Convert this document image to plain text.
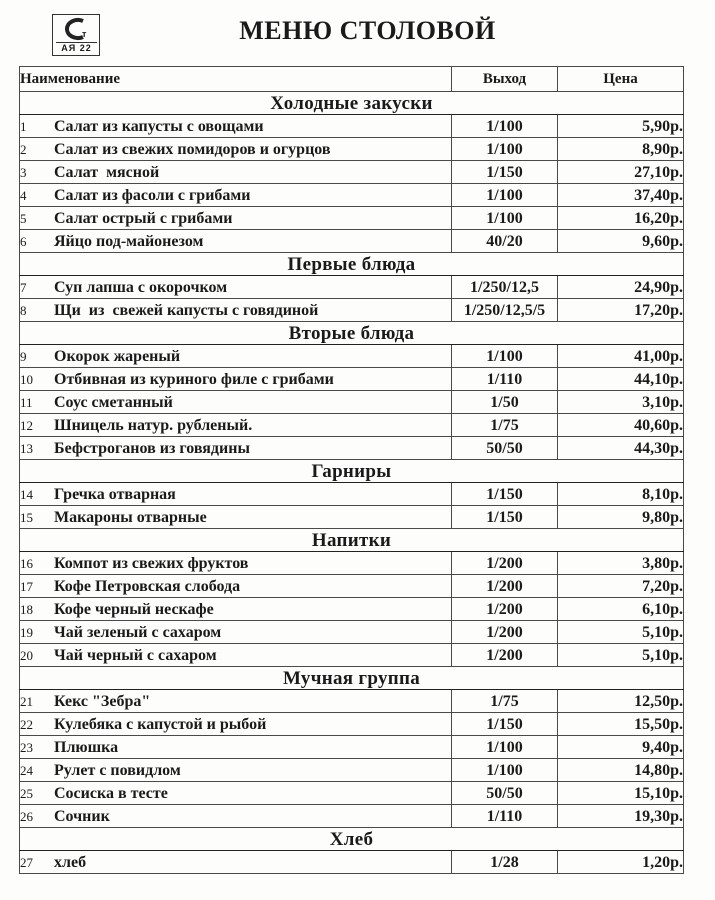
т
АЯ 22
МЕНЮ СТОЛОВОЙ
Наименование	Выход	Цена
Холодные закуски		
1 Салат из капусты с овощами	1/100	5,90р.
2 Салат из свежих помидоров и огурцов	1/100	8,90р.
3 Салат  мясной	1/150	27,10р.
4 Салат из фасоли с грибами	1/100	37,40р.
5 Салат острый с грибами	1/100	16,20р.
6 Яйцо под-майонезом	40/20	9,60р.
Первые блюда		
7 Суп лапша с окорочком	1/250/12,5	24,90р.
8 Щи  из  свежей капусты с говядиной	1/250/12,5/5	17,20р.
Вторые блюда		
9 Окорок жареный	1/100	41,00р.
10 Отбивная из куриного филе с грибами	1/110	44,10р.
11 Соус сметанный	1/50	3,10р.
12 Шницель натур. рубленый.	1/75	40,60р.
13 Бефстроганов из говядины	50/50	44,30р.
Гарниры		
14 Гречка отварная	1/150	8,10р.
15 Макароны отварные	1/150	9,80р.
Напитки		
16 Компот из свежих фруктов	1/200	3,80р.
17 Кофе Петровская слобода	1/200	7,20р.
18 Кофе черный нескафе	1/200	6,10р.
19 Чай зеленый с сахаром	1/200	5,10р.
20 Чай черный с сахаром	1/200	5,10р.
Мучная группа		
21 Кекс "Зебра"	1/75	12,50р.
22 Кулебяка с капустой и рыбой	1/150	15,50р.
23 Плюшка	1/100	9,40р.
24 Рулет с повидлом	1/100	14,80р.
25 Сосиска в тесте	50/50	15,10р.
26 Сочник	1/110	19,30р.
Хлеб		
27 хлеб	1/28	1,20р.
